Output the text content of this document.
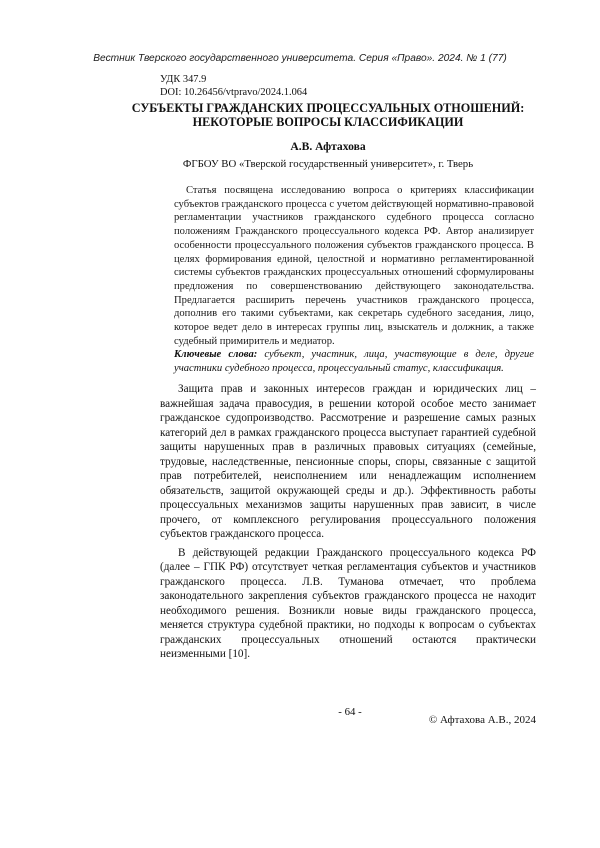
Вестник Тверского государственного университета. Серия «Право». 2024. № 1 (77)
УДК 347.9
DOI: 10.26456/vtpravo/2024.1.064
СУБЪЕКТЫ ГРАЖДАНСКИХ ПРОЦЕССУАЛЬНЫХ ОТНОШЕНИЙ: НЕКОТОРЫЕ ВОПРОСЫ КЛАССИФИКАЦИИ
А.В. Афтахова
ФГБОУ ВО «Тверской государственный университет», г. Тверь
Статья посвящена исследованию вопроса о критериях классификации субъектов гражданского процесса с учетом действующей нормативно-правовой регламентации участников гражданского судебного процесса согласно положениям Гражданского процессуального кодекса РФ. Автор анализирует особенности процессуального положения субъектов гражданского процесса. В целях формирования единой, целостной и нормативно регламентированной системы субъектов гражданских процессуальных отношений сформулированы предложения по совершенствованию действующего законодательства. Предлагается расширить перечень участников гражданского процесса, дополнив его такими субъектами, как секретарь судебного заседания, лицо, которое ведет дело в интересах группы лиц, взыскатель и должник, а также судебный примиритель и медиатор.
Ключевые слова: субъект, участник, лица, участвующие в деле, другие участники судебного процесса, процессуальный статус, классификация.

Защита прав и законных интересов граждан и юридических лиц – важнейшая задача правосудия, в решении которой особое место занимает гражданское судопроизводство. Рассмотрение и разрешение самых разных категорий дел в рамках гражданского процесса выступает гарантией судебной защиты нарушенных прав в различных правовых ситуациях (семейные, трудовые, наследственные, пенсионные споры, споры, связанные с защитой прав потребителей, неисполнением или ненадлежащим исполнением обязательств, защитой окружающей среды и др.). Эффективность работы процессуальных механизмов защиты нарушенных прав зависит, в числе прочего, от комплексного регулирования процессуального положения субъектов гражданского процесса.

В действующей редакции Гражданского процессуального кодекса РФ (далее – ГПК РФ) отсутствует четкая регламентация субъектов и участников гражданского процесса. Л.В. Туманова отмечает, что проблема законодательного закрепления субъектов гражданского процесса не находит необходимого решения. Возникли новые виды гражданского процесса, меняется структура судебной практики, но подходы к вопросам о субъектах гражданских процессуальных отношений остаются практически неизменными [10].

- 64 -
© Афтахова А.В., 2024
